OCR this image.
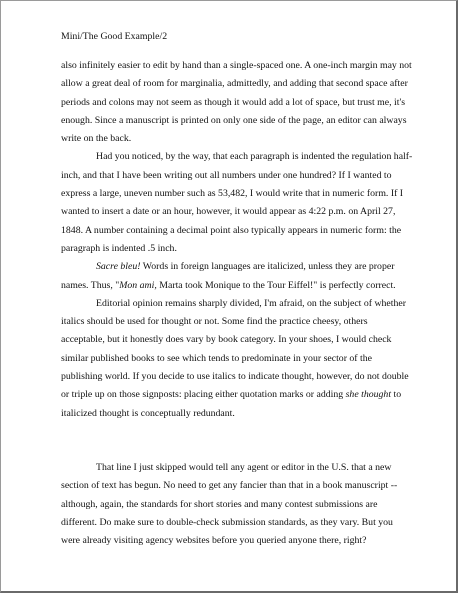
Mini/The Good Example/2

also infinitely easier to edit by hand than a single-spaced one. A one-inch margin may not allow a great deal of room for marginalia, admittedly, and adding that second space after periods and colons may not seem as though it would add a lot of space, but trust me, it's enough. Since a manuscript is printed on only one side of the page, an editor can always write on the back.

Had you noticed, by the way, that each paragraph is indented the regulation half-inch, and that I have been writing out all numbers under one hundred? If I wanted to express a large, uneven number such as 53,482, I would write that in numeric form. If I wanted to insert a date or an hour, however, it would appear as 4:22 p.m. on April 27, 1848. A number containing a decimal point also typically appears in numeric form: the paragraph is indented .5 inch.

Sacre bleu! Words in foreign languages are italicized, unless they are proper names. Thus, "Mon ami, Marta took Monique to the Tour Eiffel!" is perfectly correct.

Editorial opinion remains sharply divided, I'm afraid, on the subject of whether italics should be used for thought or not. Some find the practice cheesy, others acceptable, but it honestly does vary by book category. In your shoes, I would check similar published books to see which tends to predominate in your sector of the publishing world. If you decide to use italics to indicate thought, however, do not double or triple up on those signposts: placing either quotation marks or adding she thought to italicized thought is conceptually redundant.

That line I just skipped would tell any agent or editor in the U.S. that a new section of text has begun. No need to get any fancier than that in a book manuscript -- although, again, the standards for short stories and many contest submissions are different. Do make sure to double-check submission standards, as they vary. But you were already visiting agency websites before you queried anyone there, right?
